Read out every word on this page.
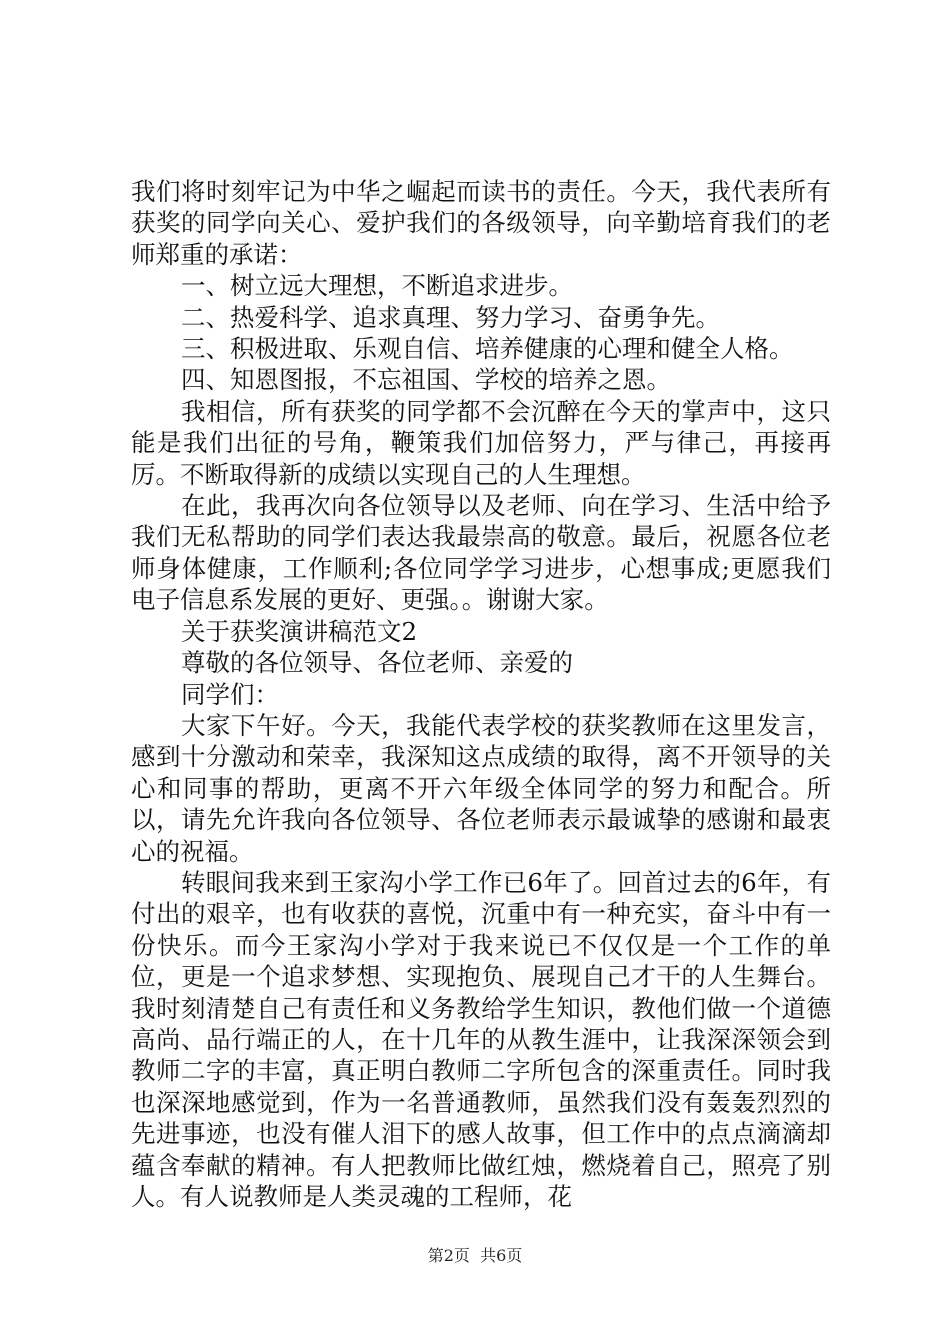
我们将时刻牢记为中华之崛起而读书的责任。今天，我代表所有获奖的同学向关心、爱护我们的各级领导，向辛勤培育我们的老师郑重的承诺：

一、树立远大理想，不断追求进步。

二、热爱科学、追求真理、努力学习、奋勇争先。

三、积极进取、乐观自信、培养健康的心理和健全人格。

四、知恩图报，不忘祖国、学校的培养之恩。

我相信，所有获奖的同学都不会沉醉在今天的掌声中，这只能是我们出征的号角，鞭策我们加倍努力，严与律己，再接再厉。不断取得新的成绩以实现自己的人生理想。

在此，我再次向各位领导以及老师、向在学习、生活中给予我们无私帮助的同学们表达我最崇高的敬意。最后，祝愿各位老师身体健康，工作顺利;各位同学学习进步，心想事成;更愿我们电子信息系发展的更好、更强。。谢谢大家。

关于获奖演讲稿范文2

尊敬的各位领导、各位老师、亲爱的

同学们：

大家下午好。今天，我能代表学校的获奖教师在这里发言，感到十分激动和荣幸，我深知这点成绩的取得，离不开领导的关心和同事的帮助，更离不开六年级全体同学的努力和配合。所以，请先允许我向各位领导、各位老师表示最诚挚的感谢和最衷心的祝福。

转眼间我来到王家沟小学工作已6年了。回首过去的6年，有付出的艰辛，也有收获的喜悦，沉重中有一种充实，奋斗中有一份快乐。而今王家沟小学对于我来说已不仅仅是一个工作的单位，更是一个追求梦想、实现抱负、展现自己才干的人生舞台。我时刻清楚自己有责任和义务教给学生知识，教他们做一个道德高尚、品行端正的人，在十几年的从教生涯中，让我深深领会到教师二字的丰富，真正明白教师二字所包含的深重责任。同时我也深深地感觉到，作为一名普通教师，虽然我们没有轰轰烈烈的先进事迹，也没有催人泪下的感人故事，但工作中的点点滴滴却蕴含奉献的精神。有人把教师比做红烛，燃烧着自己，照亮了别人。有人说教师是人类灵魂的工程师，花

第2页  共6页
